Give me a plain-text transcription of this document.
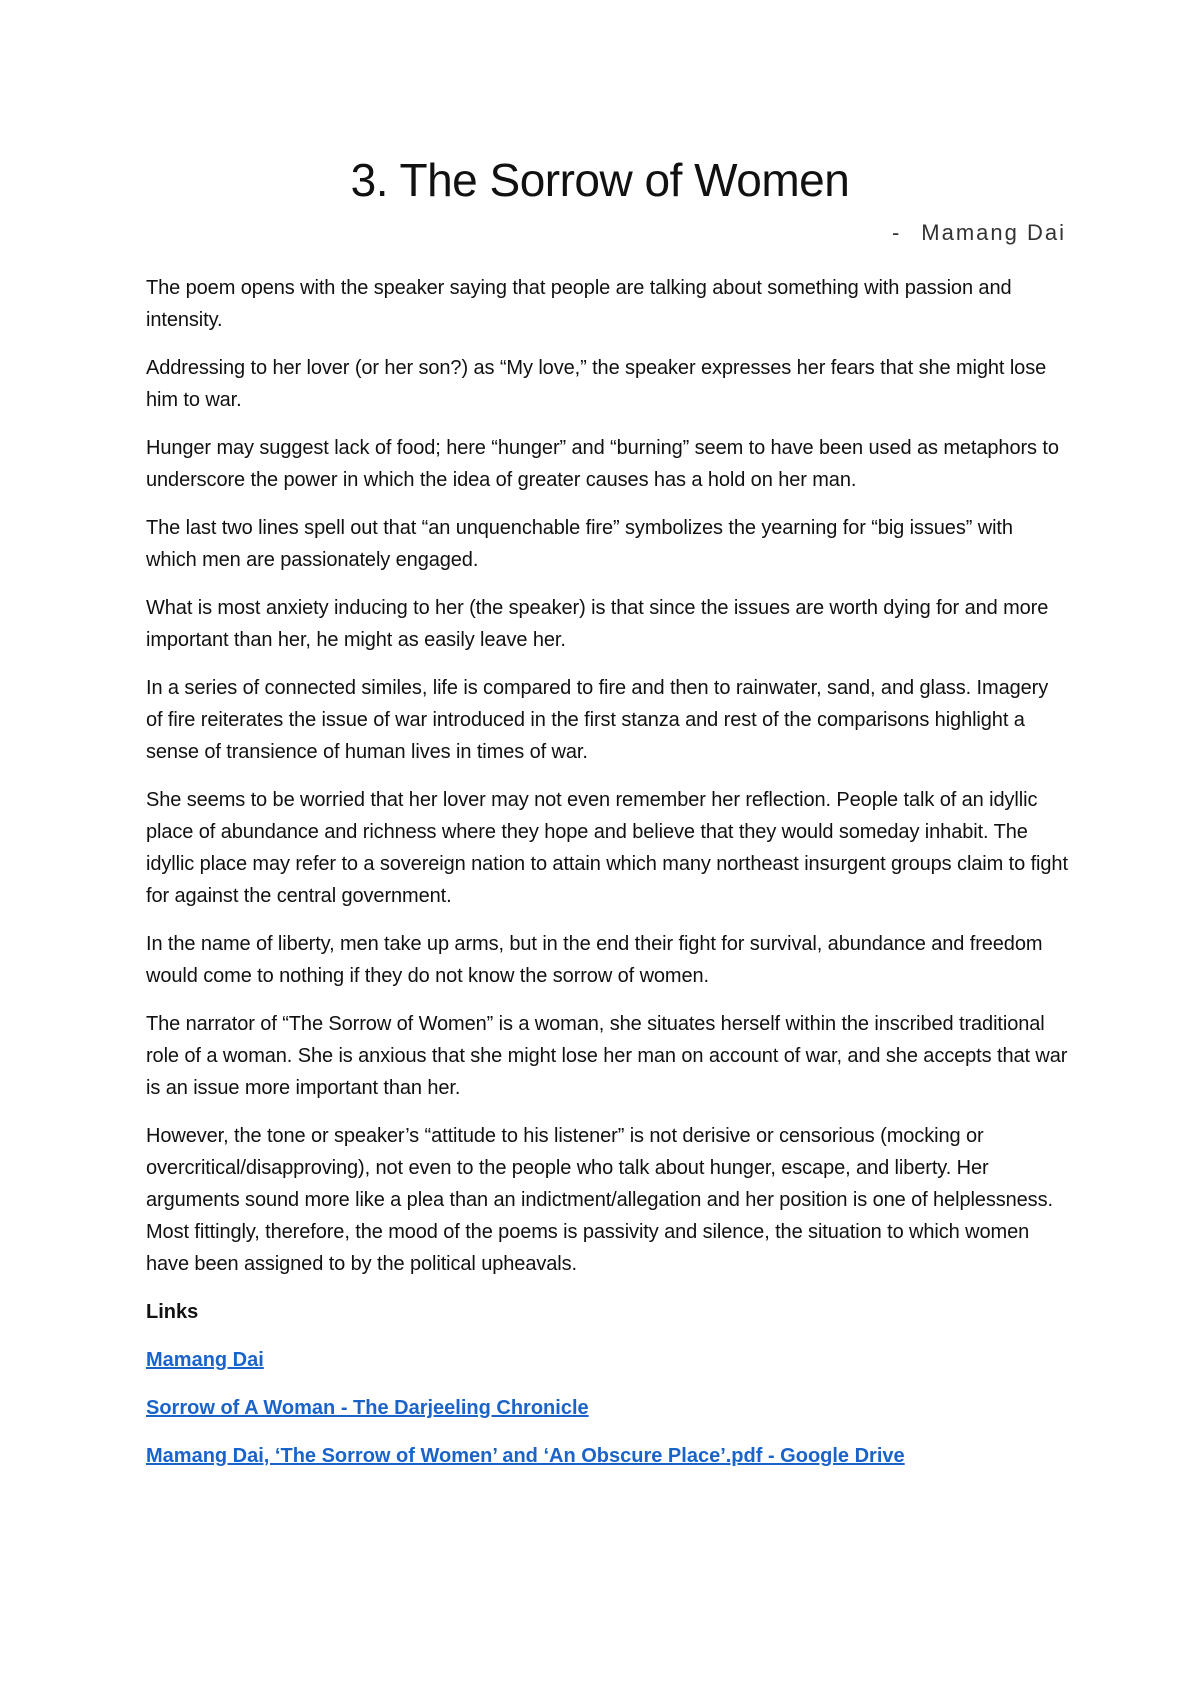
3. The Sorrow of Women

- Mamang Dai

The poem opens with the speaker saying that people are talking about something with passion and intensity.

Addressing to her lover (or her son?) as “My love,” the speaker expresses her fears that she might lose him to war.

Hunger may suggest lack of food; here “hunger” and “burning” seem to have been used as metaphors to underscore the power in which the idea of greater causes has a hold on her man.

The last two lines spell out that “an unquenchable fire” symbolizes the yearning for “big issues” with which men are passionately engaged.

What is most anxiety inducing to her (the speaker) is that since the issues are worth dying for and more important than her, he might as easily leave her.

In a series of connected similes, life is compared to fire and then to rainwater, sand, and glass. Imagery of fire reiterates the issue of war introduced in the first stanza and rest of the comparisons highlight a sense of transience of human lives in times of war.

She seems to be worried that her lover may not even remember her reflection. People talk of an idyllic place of abundance and richness where they hope and believe that they would someday inhabit. The idyllic place may refer to a sovereign nation to attain which many northeast insurgent groups claim to fight for against the central government.

In the name of liberty, men take up arms, but in the end their fight for survival, abundance and freedom would come to nothing if they do not know the sorrow of women.

The narrator of “The Sorrow of Women” is a woman, she situates herself within the inscribed traditional role of a woman. She is anxious that she might lose her man on account of war, and she accepts that war is an issue more important than her.

However, the tone or speaker’s “attitude to his listener” is not derisive or censorious (mocking or overcritical/disapproving), not even to the people who talk about hunger, escape, and liberty. Her arguments sound more like a plea than an indictment/allegation and her position is one of helplessness. Most fittingly, therefore, the mood of the poems is passivity and silence, the situation to which women have been assigned to by the political upheavals.

Links

Mamang Dai
Sorrow of A Woman - The Darjeeling Chronicle
Mamang Dai, ‘The Sorrow of Women’ and ‘An Obscure Place’.pdf - Google Drive
